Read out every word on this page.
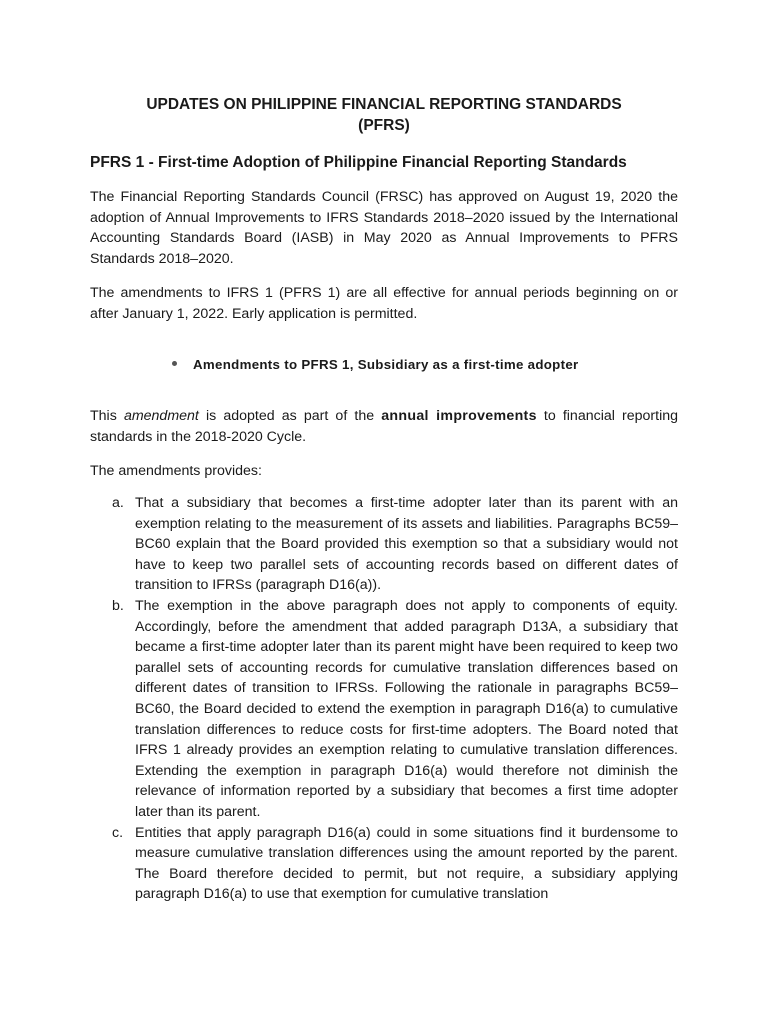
UPDATES ON PHILIPPINE FINANCIAL REPORTING STANDARDS
(PFRS)
PFRS 1 - First-time Adoption of Philippine Financial Reporting Standards

The Financial Reporting Standards Council (FRSC) has approved on August 19, 2020 the adoption of Annual Improvements to IFRS Standards 2018–2020 issued by the International Accounting Standards Board (IASB) in May 2020 as Annual Improvements to PFRS Standards 2018–2020.

The amendments to IFRS 1 (PFRS 1) are all effective for annual periods beginning on or after January 1, 2022. Early application is permitted.

Amendments to PFRS 1, Subsidiary as a first-time adopter

This amendment is adopted as part of the annual improvements to financial reporting standards in the 2018-2020 Cycle.

The amendments provides:

a. That a subsidiary that becomes a first-time adopter later than its parent with an exemption relating to the measurement of its assets and liabilities. Paragraphs BC59–BC60 explain that the Board provided this exemption so that a subsidiary would not have to keep two parallel sets of accounting records based on different dates of transition to IFRSs (paragraph D16(a)).
b. The exemption in the above paragraph does not apply to components of equity. Accordingly, before the amendment that added paragraph D13A, a subsidiary that became a first-time adopter later than its parent might have been required to keep two parallel sets of accounting records for cumulative translation differences based on different dates of transition to IFRSs. Following the rationale in paragraphs BC59–BC60, the Board decided to extend the exemption in paragraph D16(a) to cumulative translation differences to reduce costs for first-time adopters. The Board noted that IFRS 1 already provides an exemption relating to cumulative translation differences. Extending the exemption in paragraph D16(a) would therefore not diminish the relevance of information reported by a subsidiary that becomes a first time adopter later than its parent.
c. Entities that apply paragraph D16(a) could in some situations find it burdensome to measure cumulative translation differences using the amount reported by the parent. The Board therefore decided to permit, but not require, a subsidiary applying paragraph D16(a) to use that exemption for cumulative translation
